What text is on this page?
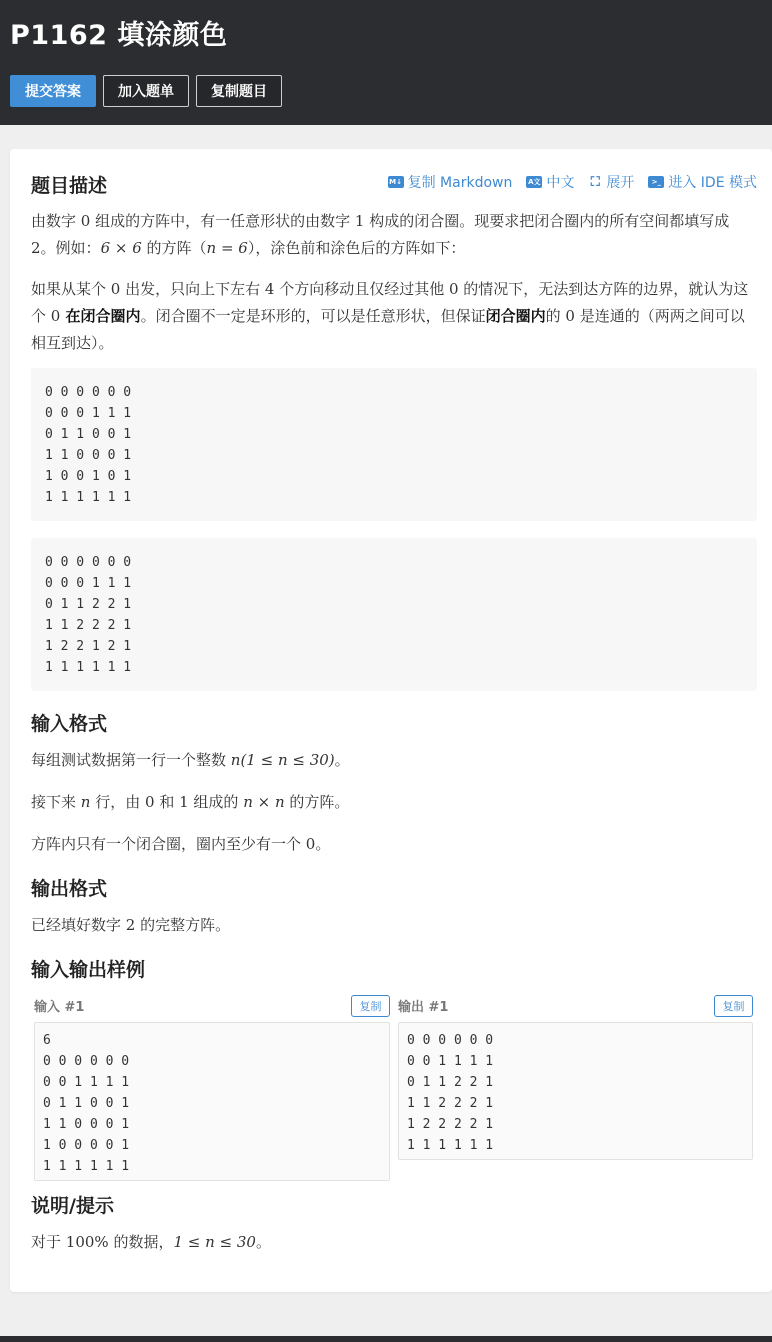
P1162 填涂颜色
提交答案	加入题单	复制题目
题目描述	M↓ 复制 Markdown A文 中文 ⛶ 展开	>_ 进入 IDE 模式
由数字 0 组成的方阵中，有一任意形状的由数字 1 构成的闭合圈。现要求把闭合圈内的所有空间都填写成 2。例如：6 × 6 的方阵（n = 6），涂色前和涂色后的方阵如下：
如果从某个 0 出发，只向上下左右 4 个方向移动且仅经过其他 0 的情况下，无法到达方阵的边界，就认为这个 0 在闭合圈内。闭合圈不一定是环形的，可以是任意形状，但保证闭合圈内的 0 是连通的（两两之间可以相互到达）。
0 0 0 0 0 0
0 0 0 1 1 1
0 1 1 0 0 1
1 1 0 0 0 1
1 0 0 1 0 1
1 1 1 1 1 1
0 0 0 0 0 0
0 0 0 1 1 1
0 1 1 2 2 1
1 1 2 2 2 1
1 2 2 1 2 1
1 1 1 1 1 1
输入格式
每组测试数据第一行一个整数 n(1 ≤ n ≤ 30)。
接下来 n 行，由 0 和 1 组成的 n × n 的方阵。
方阵内只有一个闭合圈，圈内至少有一个 0。
输出格式
已经填好数字 2 的完整方阵。
输入输出样例
输入 #1	复制
6
0 0 0 0 0 0
0 0 1 1 1 1
0 1 1 0 0 1
1 1 0 0 0 1
1 0 0 0 0 1
1 1 1 1 1 1
输出 #1	复制
0 0 0 0 0 0
0 0 1 1 1 1
0 1 1 2 2 1
1 1 2 2 2 1
1 2 2 2 2 1
1 1 1 1 1 1
说明/提示
对于 100% 的数据，1 ≤ n ≤ 30。
